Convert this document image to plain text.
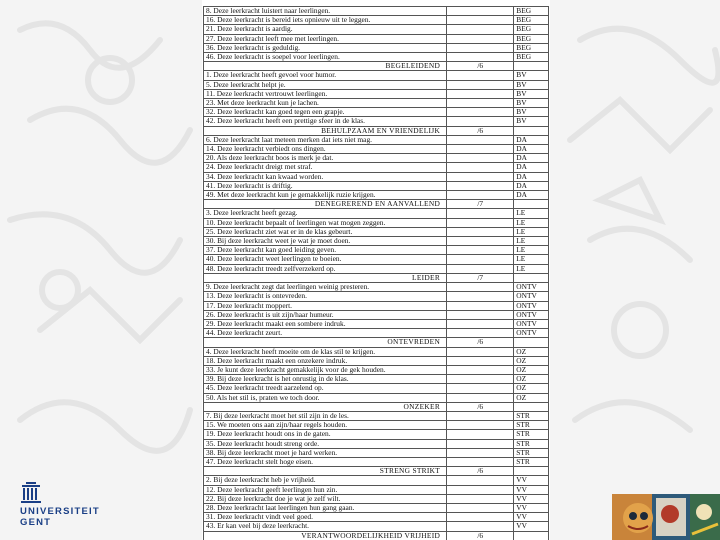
8. Deze leerkracht luistert naar leerlingen.		BEG
16. Deze leerkracht is bereid iets opnieuw uit te leggen.		BEG
21. Deze leerkracht is aardig.		BEG
27. Deze leerkracht leeft mee met leerlingen.		BEG
36. Deze leerkracht is geduldig.		BEG
46. Deze leerkracht is soepel voor leerlingen.		BEG
BEGELEIDEND	/6	
1. Deze leerkracht heeft gevoel voor humor.		BV
5. Deze leerkracht helpt je.		BV
11. Deze leerkracht vertrouwt leerlingen.		BV
23. Met deze leerkracht kun je lachen.		BV
32. Deze leerkracht kan goed tegen een grapje.		BV
42. Deze leerkracht heeft een prettige sfeer in de klas.		BV
BEHULPZAAM EN VRIENDELIJK	/6	
6. Deze leerkracht laat meteen merken dat iets niet mag.		DA
14. Deze leerkracht verbiedt ons dingen.		DA
20. Als deze leerkracht boos is merk je dat.		DA
24. Deze leerkracht dreigt met straf.		DA
34. Deze leerkracht kan kwaad worden.		DA
41. Deze leerkracht is driftig.		DA
49. Met deze leerkracht kun je gemakkelijk ruzie krijgen.		DA
DENEGREREND EN AANVALLEND	/7	
3. Deze leerkracht heeft gezag.		LE
10. Deze leerkracht bepaalt of leerlingen wat mogen zeggen.		LE
25. Deze leerkracht ziet wat er in de klas gebeurt.		LE
30. Bij deze leerkracht weet je wat je moet doen.		LE
37. Deze leerkracht kan goed leiding geven.		LE
40. Deze leerkracht weet leerlingen te boeien.		LE
48. Deze leerkracht treedt zelfverzekerd op.		LE
LEIDER	/7	
9. Deze leerkracht zegt dat leerlingen weinig presteren.		ONTV
13. Deze leerkracht is ontevreden.		ONTV
17. Deze leerkracht moppert.		ONTV
26. Deze leerkracht is uit zijn/haar humeur.		ONTV
29. Deze leerkracht maakt een sombere indruk.		ONTV
44. Deze leerkracht zeurt.		ONTV
ONTEVREDEN	/6	
4. Deze leerkracht heeft moeite om de klas stil te krijgen.		OZ
18. Deze leerkracht maakt een onzekere indruk.		OZ
33. Je kunt deze leerkracht gemakkelijk voor de gek houden.		OZ
39. Bij deze leerkracht is het onrustig in de klas.		OZ
45. Deze leerkracht treedt aarzelend op.		OZ
50. Als het stil is, praten we toch door.		OZ
ONZEKER	/6	
7. Bij deze leerkracht moet het stil zijn in de les.		STR
15. We moeten ons aan zijn/haar regels houden.		STR
19. Deze leerkracht houdt ons in de gaten.		STR
35. Deze leerkracht houdt streng orde.		STR
38. Bij deze leerkracht moet je hard werken.		STR
47. Deze leerkracht stelt hoge eisen.		STR
STRENG STRIKT	/6	
2. Bij deze leerkracht heb je vrijheid.		VV
12. Deze leerkracht geeft leerlingen hun zin.		VV
22. Bij deze leerkracht doe je wat je zelf wilt.		VV
28. Deze leerkracht laat leerlingen hun gang gaan.		VV
31. Deze leerkracht vindt veel goed.		VV
43. Er kan veel bij deze leerkracht.		VV
VERANTWOORDELIJKHEID VRIJHEID	/6	
UNIVERSITEIT
GENT
